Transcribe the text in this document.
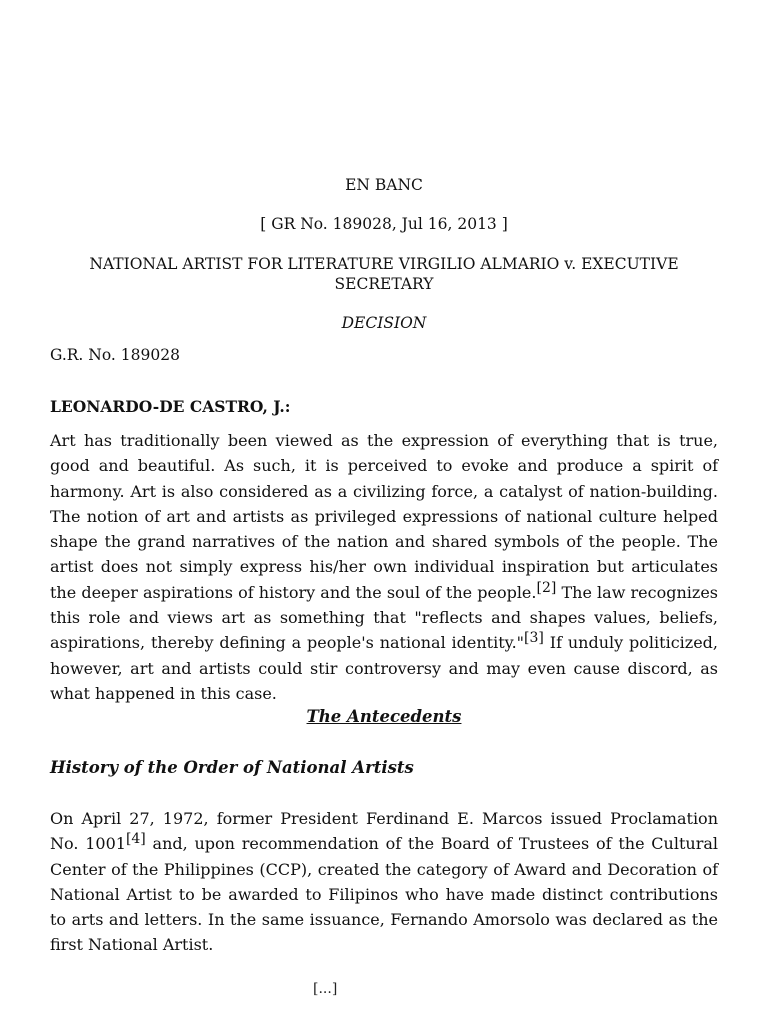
EN BANC
[ GR No. 189028, Jul 16, 2013 ]
NATIONAL ARTIST FOR LITERATURE VIRGILIO ALMARIO v. EXECUTIVE SECRETARY
DECISION
G.R. No. 189028
LEONARDO-DE CASTRO, J.:

Art has traditionally been viewed as the expression of everything that is true, good and beautiful. As such, it is perceived to evoke and produce a spirit of harmony. Art is also considered as a civilizing force, a catalyst of nation-building. The notion of art and artists as privileged expressions of national culture helped shape the grand narratives of the nation and shared symbols of the people. The artist does not simply express his/her own individual inspiration but articulates the deeper aspirations of history and the soul of the people.[2] The law recognizes this role and views art as something that "reflects and shapes values, beliefs, aspirations, thereby defining a people's national identity."[3] If unduly politicized, however, art and artists could stir controversy and may even cause discord, as what happened in this case.

The Antecedents
History of the Order of National Artists

On April 27, 1972, former President Ferdinand E. Marcos issued Proclamation No. 1001[4] and, upon recommendation of the Board of Trustees of the Cultural Center of the Philippines (CCP), created the category of Award and Decoration of National Artist to be awarded to Filipinos who have made distinct contributions to arts and letters. In the same issuance, Fernando Amorsolo was declared as the first National Artist.

[...]
